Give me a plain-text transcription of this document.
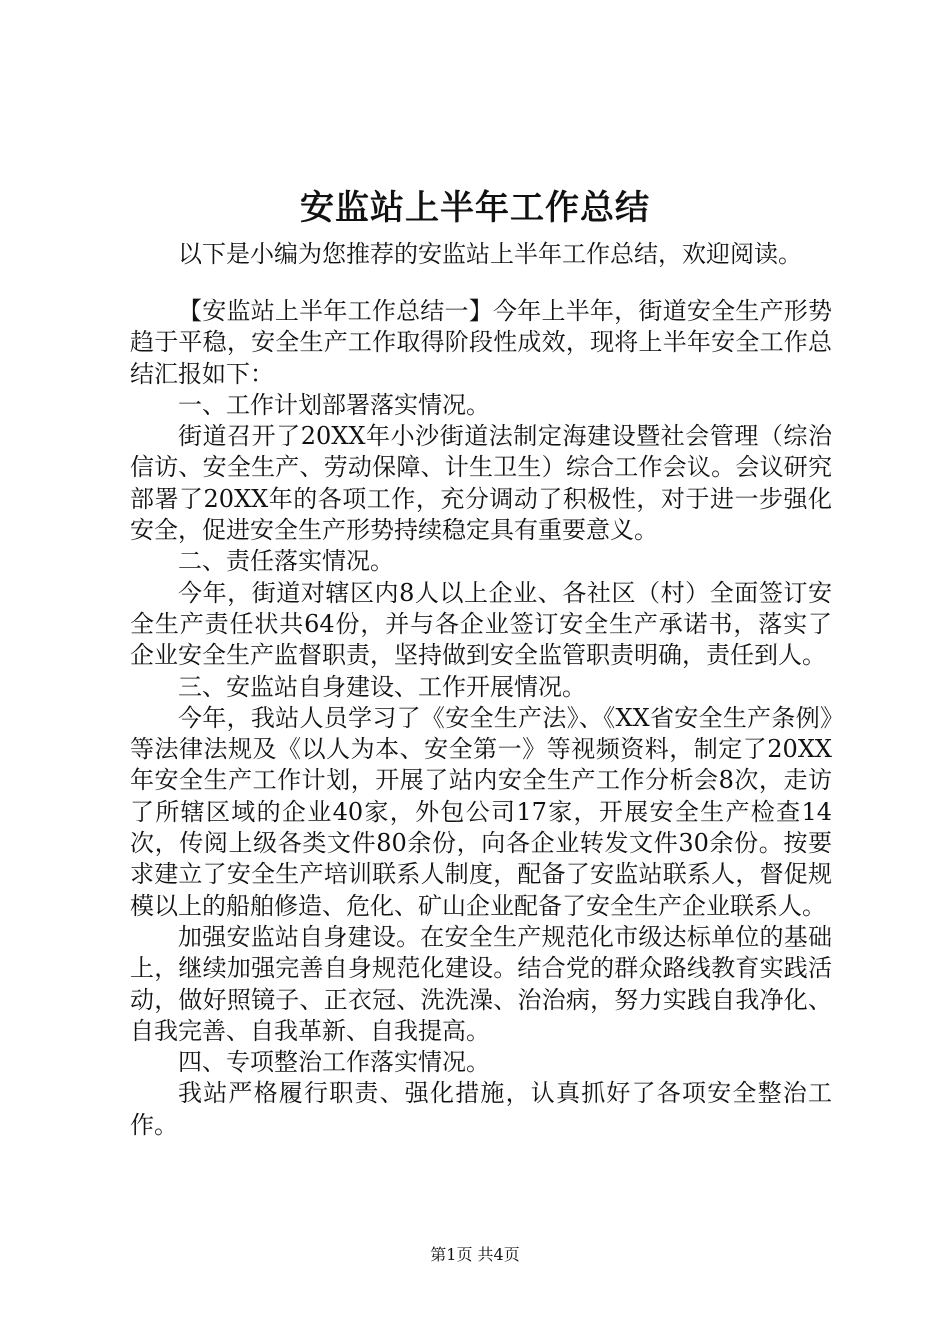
安监站上半年工作总结
以下是小编为您推荐的安监站上半年工作总结，欢迎阅读。

【安监站上半年工作总结一】今年上半年，街道安全生产形势趋于平稳，安全生产工作取得阶段性成效，现将上半年安全工作总结汇报如下：

一、工作计划部署落实情况。

街道召开了20XX年小沙街道法制定海建设暨社会管理（综治信访、安全生产、劳动保障、计生卫生）综合工作会议。会议研究部署了20XX年的各项工作，充分调动了积极性，对于进一步强化安全，促进安全生产形势持续稳定具有重要意义。

二、责任落实情况。

今年，街道对辖区内8人以上企业、各社区（村）全面签订安全生产责任状共64份，并与各企业签订安全生产承诺书，落实了企业安全生产监督职责，坚持做到安全监管职责明确，责任到人。

三、安监站自身建设、工作开展情况。

今年，我站人员学习了《安全生产法》、《XX省安全生产条例》等法律法规及《以人为本、安全第一》等视频资料，制定了20XX年安全生产工作计划，开展了站内安全生产工作分析会8次，走访了所辖区域的企业40家，外包公司17家，开展安全生产检查14次，传阅上级各类文件80余份，向各企业转发文件30余份。按要求建立了安全生产培训联系人制度，配备了安监站联系人，督促规模以上的船舶修造、危化、矿山企业配备了安全生产企业联系人。

加强安监站自身建设。在安全生产规范化市级达标单位的基础上，继续加强完善自身规范化建设。结合党的群众路线教育实践活动，做好照镜子、正衣冠、洗洗澡、治治病，努力实践自我净化、自我完善、自我革新、自我提高。

四、专项整治工作落实情况。

我站严格履行职责、强化措施，认真抓好了各项安全整治工作。

第1页 共4页
